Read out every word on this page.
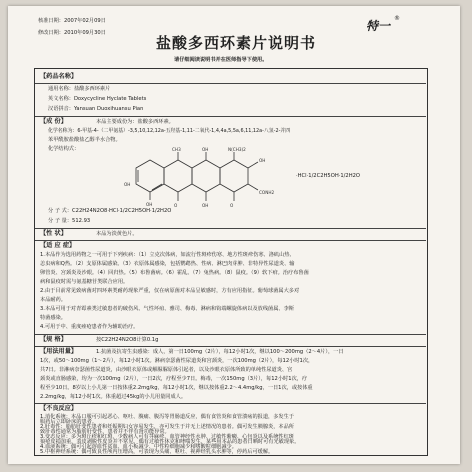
核准日期：2007年02月09日
修改日期：2010年09月30日	特一
®
盐酸多西环素片说明书
请仔细阅读说明书并在医师指导下使用。
【药品名称】
通用名称：盐酸多西环素片
英文名称：Doxycycline Hyclate Tablets
汉语拼音：Yansuan Duoxihuansu Pian
【成 份】	本品主要成份为：盐酸多西环素。
化学名称为：6-甲基-4-（二甲氨基）-3,5,10,12,12a-五羟基-1,11-二氧代-1,4,4a,5,5a,6,11,12a-八氢-2-并四
苯甲酰胺盐酸盐乙醇半水合物。
化学结构式：
OH
OH	O	OH	O
CH3	OH	N(CH3)2
OH
CONH2
·HCl·1/2C2H5OH·1/2H2O
分 子 式：C22H24N2O8·HCl·1/2C2H5OH·1/2H2O
分 子 量：512.93
【性 状】	本品为淡黄色片。
【适 应 症】
1.本品作为选用药物之一可用于下列疾病：（1）立克次体病，如流行性斑疹伤寒、地方性斑疹伤寒、洛矶山热、
恙虫病和Q热。（2）支原体属感染。（3）衣原体属感染，包括鹦鹉热、性病、淋巴肉芽肿、非特异性尿道炎、输
卵管炎、宫颈炎及沙眼。（4）回归热。（5）布鲁菌病。（6）霍乱。（7）兔热病。（8）鼠疫。（9）软下疳。治疗布鲁菌
病和鼠疫时需与氨基糖苷类联合应用。
2.由于目前常见致病菌对四环素类耐药现象严重，仅在病原菌对本品呈敏感时，方有应用指征。葡萄球菌属大多对
本品耐药。
3.本品可用于对青霉素类过敏患者的破伤风、气性坏疽、雅司、梅毒、淋病和钩端螺旋体病以及放线菌属、李斯
特菌感染。
4.可用于中、重度痤疮患者作为辅助治疗。
【规 格】	按C22H24N2O8计算0.1g
【用法用量】	1.抗菌及抗寄生虫感染：成人，第一日100mg（2片），每12小时1次，继以100～200mg（2～4片），一日
1次，或50～100mg（1～2片），每12小时1次。淋病奈瑟菌性尿道炎和宫颈炎，一次100mg（2片），每12小时1次，
共7日。非淋病奈瑟菌性尿道炎，由沙眼衣原体或解脲脲原体引起者，以及沙眼衣原体所致的单纯性尿道炎、宫
颈炎或直肠感染，均为一次100mg（2片），一日2次，疗程至少7日。梅毒，一次150mg（3片），每12小时1次，疗
程至少10日。8岁以上小儿第一日按体重2.2mg/kg，每12小时1次，继以按体重2.2～4.4mg/kg，一日1次，或按体重
2.2mg/kg，每12小时1次。体重超过45kg的小儿用量同成人。
【不良反应】
1.消化系统：本品口服可引起恶心、呕吐、腹痛、腹泻等胃肠道反应，偶有食管炎和食管溃疡的报道，多发生于
服药后立即卧床的患者。
2.肝毒性：脂肪肝变性患者和妊娠期妇女容易发生，亦可发生于并无上述情况的患者。偶可发生胰腺炎，本品所
致肝毒性通常为脂肪肝变性，患者并不伴有肾功能异常。
3.变态反应：多为斑丘疹和红斑，少数病人可有荨麻疹、血管神经性水肿、过敏性紫癜、心包炎以及系统性红斑
狼疮皮损加重，表皮剥脱性皮炎并不常见。偶有过敏性休克和哮喘发生，某些用本品的患者日晒时可有光敏现象。
4.血液系统：偶可引起溶血性贫血、血小板减少、中性粒细胞减少和嗜酸粒细胞减少。
5.中枢神经系统：偶可致良性颅内压增高，可表现为头痛、呕吐、视神经乳头水肿等，停药后可缓解。
